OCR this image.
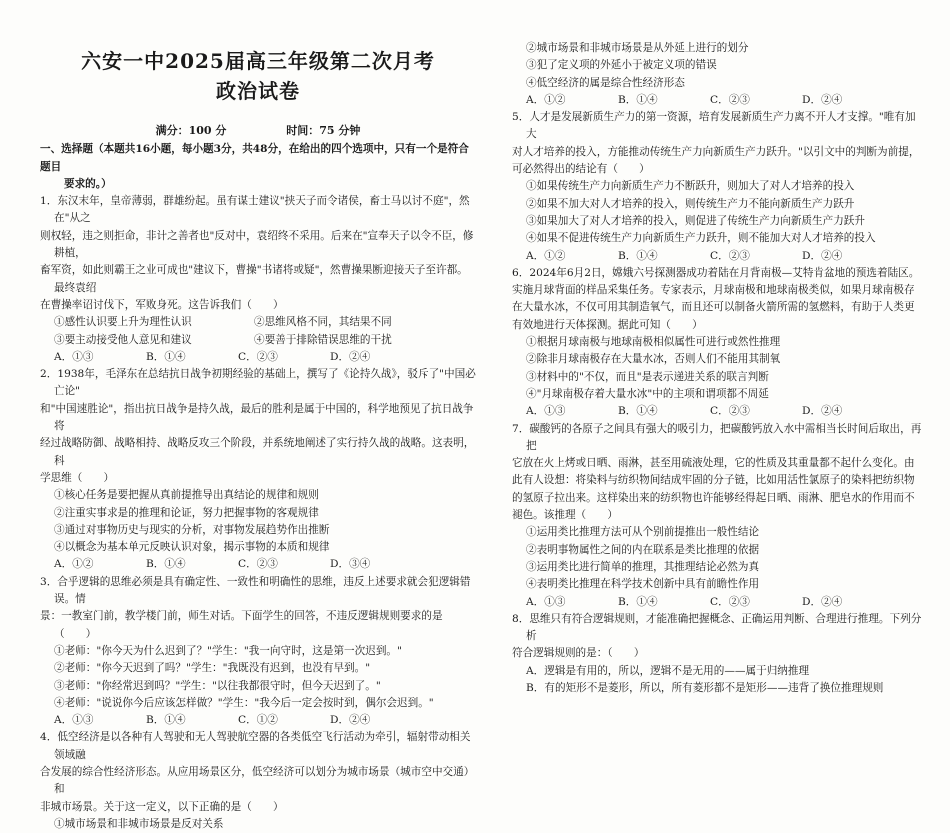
六安一中2025届高三年级第二次月考
政治试卷
满分：100 分	时间：75 分钟
一、选择题（本题共16小题，每小题3分，共48分，在给出的四个选项中，只有一个是符合题目
要求的。）
1．东汉末年，皇帝薄弱，群雄纷起。虽有谋士建议"挟天子而令诸侯，畜士马以讨不庭"，然在"从之
则权轻，违之则拒命，非计之善者也"反对中，袁绍终不采用。后来在"宣奉天子以令不臣，修耕植，
畜军资，如此则霸王之业可成也"建议下，曹操"书诸将或疑"，然曹操果断迎接天子至许都。最终袁绍
在曹操率诏讨伐下，军败身死。这告诉我们（　　）
①感性认识要上升为理性认识	②思维风格不同，其结果不同
③要主动接受他人意见和建议	④要善于排除错误思维的干扰
A．①③	B．①④	C．②③	D．②④
2．1938年，毛泽东在总结抗日战争初期经验的基础上，撰写了《论持久战》，驳斥了"中国必亡论"
和"中国速胜论"，指出抗日战争是持久战，最后的胜利是属于中国的，科学地预见了抗日战争将
经过战略防御、战略相持、战略反攻三个阶段，并系统地阐述了实行持久战的战略。这表明，科
学思维（　　）
①核心任务是要把握从真前提推导出真结论的规律和规则
②注重实事求是的推理和论证，努力把握事物的客观规律
③通过对事物历史与现实的分析，对事物发展趋势作出推断
④以概念为基本单元反映认识对象，揭示事物的本质和规律
A．①②	B．①④	C．②③	D．③④
3．合乎逻辑的思维必须是具有确定性、一致性和明确性的思维，违反上述要求就会犯逻辑错误。情
景：一教室门前，教学楼门前，师生对话。下面学生的回答，不违反逻辑规则要求的是（　　）
①老师："你今天为什么迟到了？"学生："我一向守时，这是第一次迟到。"
②老师："你今天迟到了吗？"学生："我既没有迟到，也没有早到。"
③老师："你经常迟到吗？"学生："以往我都很守时，但今天迟到了。"
④老师："说说你今后应该怎样做？"学生："我今后一定会按时到，偶尔会迟到。"
A．①③	B．①④	C．①②	D．②④
4．低空经济是以各种有人驾驶和无人驾驶航空器的各类低空飞行活动为牵引，辐射带动相关领域融
合发展的综合性经济形态。从应用场景区分，低空经济可以划分为城市场景（城市空中交通）和
非城市场景。关于这一定义，以下正确的是（　　）
①城市场景和非城市场景是反对关系
②城市场景和非城市场景是从外延上进行的划分
③犯了定义项的外延小于被定义项的错误
④低空经济的属是综合性经济形态
A．①②	B．①④	C．②③	D．②④
5．人才是发展新质生产力的第一资源，培育发展新质生产力离不开人才支撑。"唯有加大
对人才培养的投入，方能推动传统生产力向新质生产力跃升。"以引文中的判断为前提，
可必然得出的结论有（　　）
①如果传统生产力向新质生产力不断跃升，则加大了对人才培养的投入
②如果不加大对人才培养的投入，则传统生产力不能向新质生产力跃升
③如果加大了对人才培养的投入，则促进了传统生产力向新质生产力跃升
④如果不促进传统生产力向新质生产力跃升，则不能加大对人才培养的投入
A．①②	B．①④	C．②③	D．②④
6．2024年6月2日，嫦娥六号探测器成功着陆在月背南极—艾特肯盆地的预选着陆区。
实施月球背面的样品采集任务。专家表示，月球南极和地球南极类似，如果月球南极存
在大量水冰，不仅可用其制造氧气，而且还可以制备火箭所需的氢燃料，有助于人类更
有效地进行天体探测。据此可知（　　）
①根据月球南极与地球南极相似属性可进行或然性推理
②除非月球南极存在大量水冰，否则人们不能用其制氧
③材料中的"不仅，而且"是表示递进关系的联言判断
④"月球南极存着大量水冰"中的主项和谓项都不周延
A．①③	B．①④	C．②③	D．②④
7．碳酸钙的各原子之间具有强大的吸引力，把碳酸钙放入水中需相当长时间后取出，再把
它放在火上烤或日晒、雨淋，甚至用硫液处理，它的性质及其重量都不起什么变化。由
此有人设想：将染料与纺织物间结成牢固的分子链，比如用活性氯原子的染料把纺织物
的氢原子拉出来。这样染出来的纺织物也许能够经得起日晒、雨淋、肥皂水的作用而不
褪色。该推理（　　）
①运用类比推理方法可从个别前提推出一般性结论
②表明事物属性之间的内在联系是类比推理的依据
③运用类比进行简单的推理，其推理结论必然为真
④表明类比推理在科学技术创新中具有前瞻性作用
A．①③	B．①④	C．②③	D．②④
8．思维只有符合逻辑规则，才能准确把握概念、正确运用判断、合理进行推理。下列分析
符合逻辑规则的是：（　　）
A．逻辑是有用的，所以，逻辑不是无用的——属于归纳推理
B．有的矩形不是菱形，所以，所有菱形都不是矩形——违背了换位推理规则
